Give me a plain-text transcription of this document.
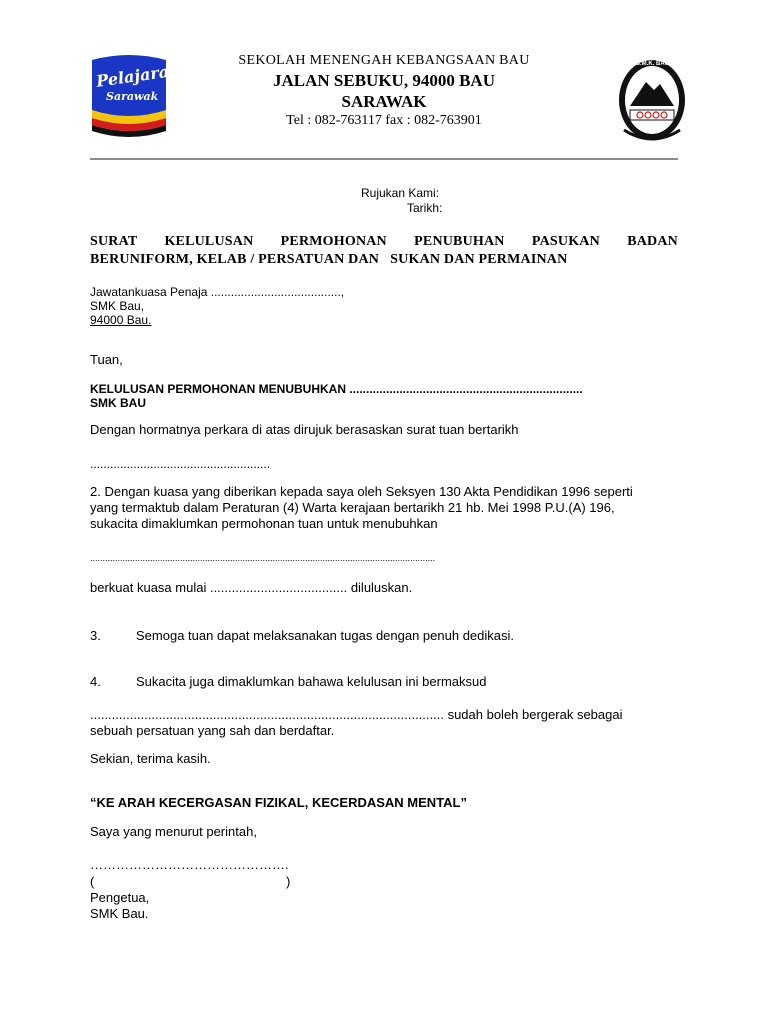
Pelajaran
Sarawak
S.M.K. BAU
SEKOLAH MENENGAH KEBANGSAAN BAU
JALAN SEBUKU, 94000 BAU
SARAWAK
Tel : 082-763117 fax : 082-763901
Rujukan Kami:
Tarikh:
SURAT KELULUSAN PERMOHONAN PENUBUHAN PASUKAN BADAN
BERUNIFORM, KELAB / PERSATUAN DAN   SUKAN DAN PERMAINAN
Jawatankuasa Penaja .......................................,
SMK Bau,
94000 Bau.
Tuan,
KELULUSAN PERMOHONAN MENUBUHKAN ......................................................................
SMK BAU
Dengan hormatnya perkara di atas dirujuk berasaskan surat tuan bertarikh
......................................................
2. Dengan kuasa yang diberikan kepada saya oleh Seksyen 130 Akta Pendidikan 1996 seperti
yang termaktub dalam Peraturan (4) Warta kerajaan bertarikh 21 hb. Mei 1998 P.U.(A) 196,
sukacita dimaklumkan permohonan tuan untuk menubuhkan
..........................................................................................................................................
berkuat kuasa mulai ...................................... diluluskan.
3.	Semoga tuan dapat melaksanakan tugas dengan penuh dedikasi.
4.	Sukacita juga dimaklumkan bahawa kelulusan ini bermaksud
.................................................................................................. sudah boleh bergerak sebagai
sebuah persatuan yang sah dan berdaftar.
Sekian, terima kasih.
“KE ARAH KECERGASAN FIZIKAL, KECERDASAN MENTAL”
Saya yang menurut perintah,
……………………………………….
(	)
Pengetua,
SMK Bau.
